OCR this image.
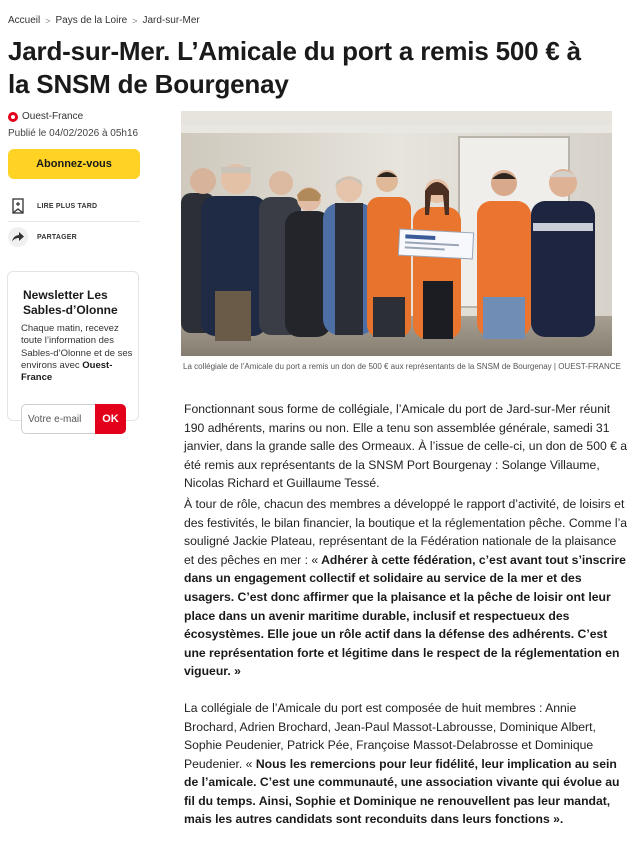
Accueil > Pays de la Loire > Jard-sur-Mer
Jard-sur-Mer. L’Amicale du port a remis 500 € à la SNSM de Bourgenay
Ouest-France
Publié le 04/02/2026 à 05h16
Abonnez-vous
LIRE PLUS TARD
PARTAGER
Newsletter Les Sables-d’Olonne
Chaque matin, recevez toute l’information des Sables-d’Olonne et de ses environs avec Ouest-France
Votre e-mail
OK
La collégiale de l’Amicale du port a remis un don de 500 € aux représentants de la SNSM de Bourgenay | OUEST-FRANCE

Fonctionnant sous forme de collégiale, l’Amicale du port de Jard-sur-Mer réunit 190 adhérents, marins ou non. Elle a tenu son assemblée générale, samedi 31 janvier, dans la grande salle des Ormeaux. À l’issue de celle-ci, un don de 500 € a été remis aux représentants de la SNSM Port Bourgenay : Solange Villaume, Nicolas Richard et Guillaume Tessé.

À tour de rôle, chacun des membres a développé le rapport d’activité, de loisirs et des festivités, le bilan financier, la boutique et la réglementation pêche. Comme l’a souligné Jackie Plateau, représentant de la Fédération nationale de la plaisance et des pêches en mer : « Adhérer à cette fédération, c’est avant tout s’inscrire dans un engagement collectif et solidaire au service de la mer et des usagers. C’est donc affirmer que la plaisance et la pêche de loisir ont leur place dans un avenir maritime durable, inclusif et respectueux des écosystèmes. Elle joue un rôle actif dans la défense des adhérents. C’est une représentation forte et légitime dans le respect de la réglementation en vigueur. »

La collégiale de l’Amicale du port est composée de huit membres : Annie Brochard, Adrien Brochard, Jean-Paul Massot-Labrousse, Dominique Albert, Sophie Peudenier, Patrick Pée, Françoise Massot-Delabrosse et Dominique Peudenier. « Nous les remercions pour leur fidélité, leur implication au sein de l’amicale. C’est une communauté, une association vivante qui évolue au fil du temps. Ainsi, Sophie et Dominique ne renouvellent pas leur mandat, mais les autres candidats sont reconduits dans leurs fonctions ».
